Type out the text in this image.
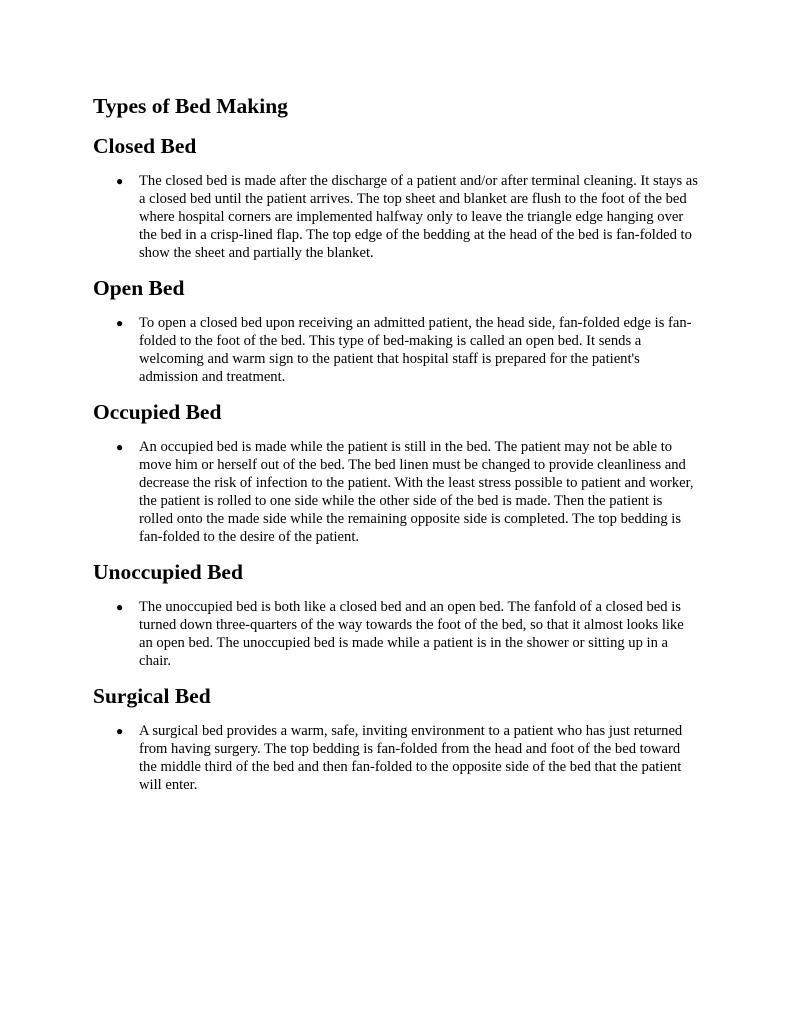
Types of Bed Making
Closed Bed
● The closed bed is made after the discharge of a patient and/or after terminal cleaning. It stays as a closed bed until the patient arrives. The top sheet and blanket are flush to the foot of the bed where hospital corners are implemented halfway only to leave the triangle edge hanging over the bed in a crisp-lined flap. The top edge of the bedding at the head of the bed is fan-folded to show the sheet and partially the blanket.
Open Bed
● To open a closed bed upon receiving an admitted patient, the head side, fan-folded edge is fan-folded to the foot of the bed. This type of bed-making is called an open bed. It sends a welcoming and warm sign to the patient that hospital staff is prepared for the patient's admission and treatment.
Occupied Bed
● An occupied bed is made while the patient is still in the bed. The patient may not be able to move him or herself out of the bed. The bed linen must be changed to provide cleanliness and decrease the risk of infection to the patient. With the least stress possible to patient and worker, the patient is rolled to one side while the other side of the bed is made. Then the patient is rolled onto the made side while the remaining opposite side is completed. The top bedding is fan-folded to the desire of the patient.
Unoccupied Bed
● The unoccupied bed is both like a closed bed and an open bed. The fanfold of a closed bed is turned down three-quarters of the way towards the foot of the bed, so that it almost looks like an open bed. The unoccupied bed is made while a patient is in the shower or sitting up in a chair.
Surgical Bed
● A surgical bed provides a warm, safe, inviting environment to a patient who has just returned from having surgery. The top bedding is fan-folded from the head and foot of the bed toward the middle third of the bed and then fan-folded to the opposite side of the bed that the patient will enter.
